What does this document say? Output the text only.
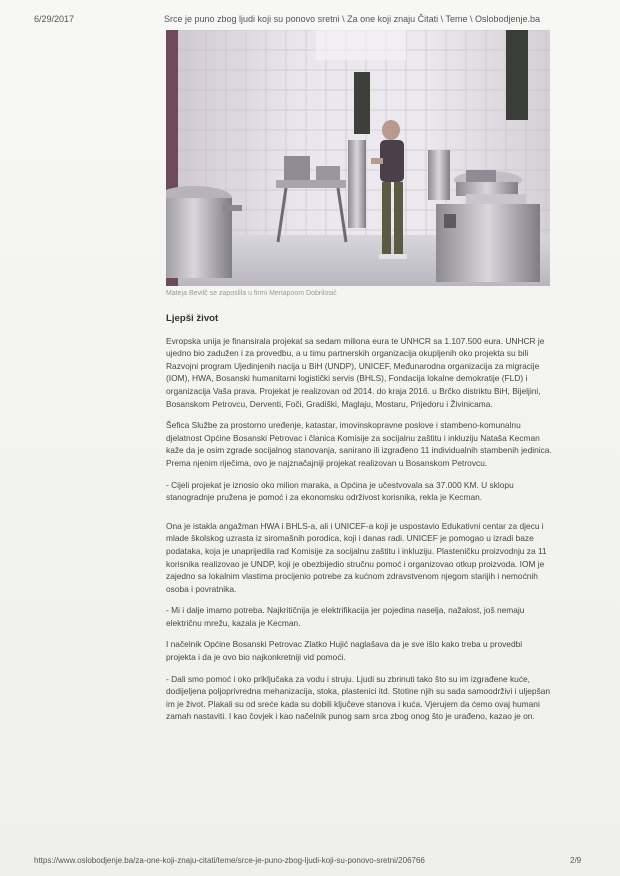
6/29/2017	Srce je puno zbog ljudi koji su ponovo sretni \ Za one koji znaju Čitati \ Teme \ Oslobodjenje.ba
Mateja Bevilč se zaposlila u firmi Meriapoom Dobrilosić
Ljepši život

Evropska unija je finansirala projekat sa sedam miliona eura te UNHCR sa 1.107.500 eura. UNHCR je ujedno bio zadužen i za provedbu, a u timu partnerskih organizacija okupljenih oko projekta su bili Razvojni program Ujedinjenih nacija u BiH (UNDP), UNICEF, Međunarodna organizacija za migracije (IOM), HWA, Bosanski humanitarni logistički servis (BHLS), Fondacija lokalne demokratije (FLD) i organizacija Vaša prava. Projekat je realizovan od 2014. do kraja 2016. u Brčko distriktu BiH, Bijeljini, Bosanskom Petrovcu, Derventi, Foči, Gradiški, Maglaju, Mostaru, Prijedoru i Živinicama.

Šefica Službe za prostorno uređenje, katastar, imovinskopravne poslove i stambeno-komunalnu djelatnost Općine Bosanski Petrovac i članica Komisije za socijalnu zaštitu i inkluziju Nataša Kecman kaže da je osim zgrade socijalnog stanovanja, sanirano ili izgrađeno 11 individualnih stambenih jedinica. Prema njenim riječima, ovo je najznačajniji projekat realizovan u Bosanskom Petrovcu.

- Cijeli projekat je iznosio oko milion maraka, a Općina je učestvovala sa 37.000 KM. U sklopu stanogradnje pružena je pomoć i za ekonomsku održivost korisnika, rekla je Kecman.

Ona je istakla angažman HWA i BHLS-a, ali i UNICEF-a koji je uspostavio Edukativni centar za djecu i mlade školskog uzrasta iz siromašnih porodica, koji i danas radi. UNICEF je pomogao u izradi baze podataka, koja je unaprijedila rad Komisije za socijalnu zaštitu i inkluziju. Plasteničku proizvodnju za 11 korisnika realizovao je UNDP, koji je obezbijedio stručnu pomoć i organizovao otkup proizvoda. IOM je zajedno sa lokalnim vlastima procijenio potrebe za kućnom zdravstvenom njegom starijih i nemoćnih osoba i povratnika.

- Mi i dalje imamo potreba. Najkritičnija je elektrifikacija jer pojedina naselja, nažalost, još nemaju električnu mrežu, kazala je Kecman.

I načelnik Općine Bosanski Petrovac Zlatko Hujić naglašava da je sve išlo kako treba u provedbi projekta i da je ovo bio najkonkretniji vid pomoći.

- Dali smo pomoć i oko priključaka za vodu i struju. Ljudi su zbrinuti tako što su im izgrađene kuće, dodijeljena poljoprivredna mehanizacija, stoka, plastenici itd. Stotine njih su sada samoodrživi i uljepšan im je život. Plakali su od sreće kada su dobili ključeve stanova i kuća. Vjerujem da ćemo ovaj humani zamah nastaviti. I kao čovjek i kao načelnik punog sam srca zbog onog što je urađeno, kazao je on.

https://www.oslobodjenje.ba/za-one-koji-znaju-citati/teme/srce-je-puno-zbog-ljudi-koji-su-ponovo-sretni/206766	2/9
